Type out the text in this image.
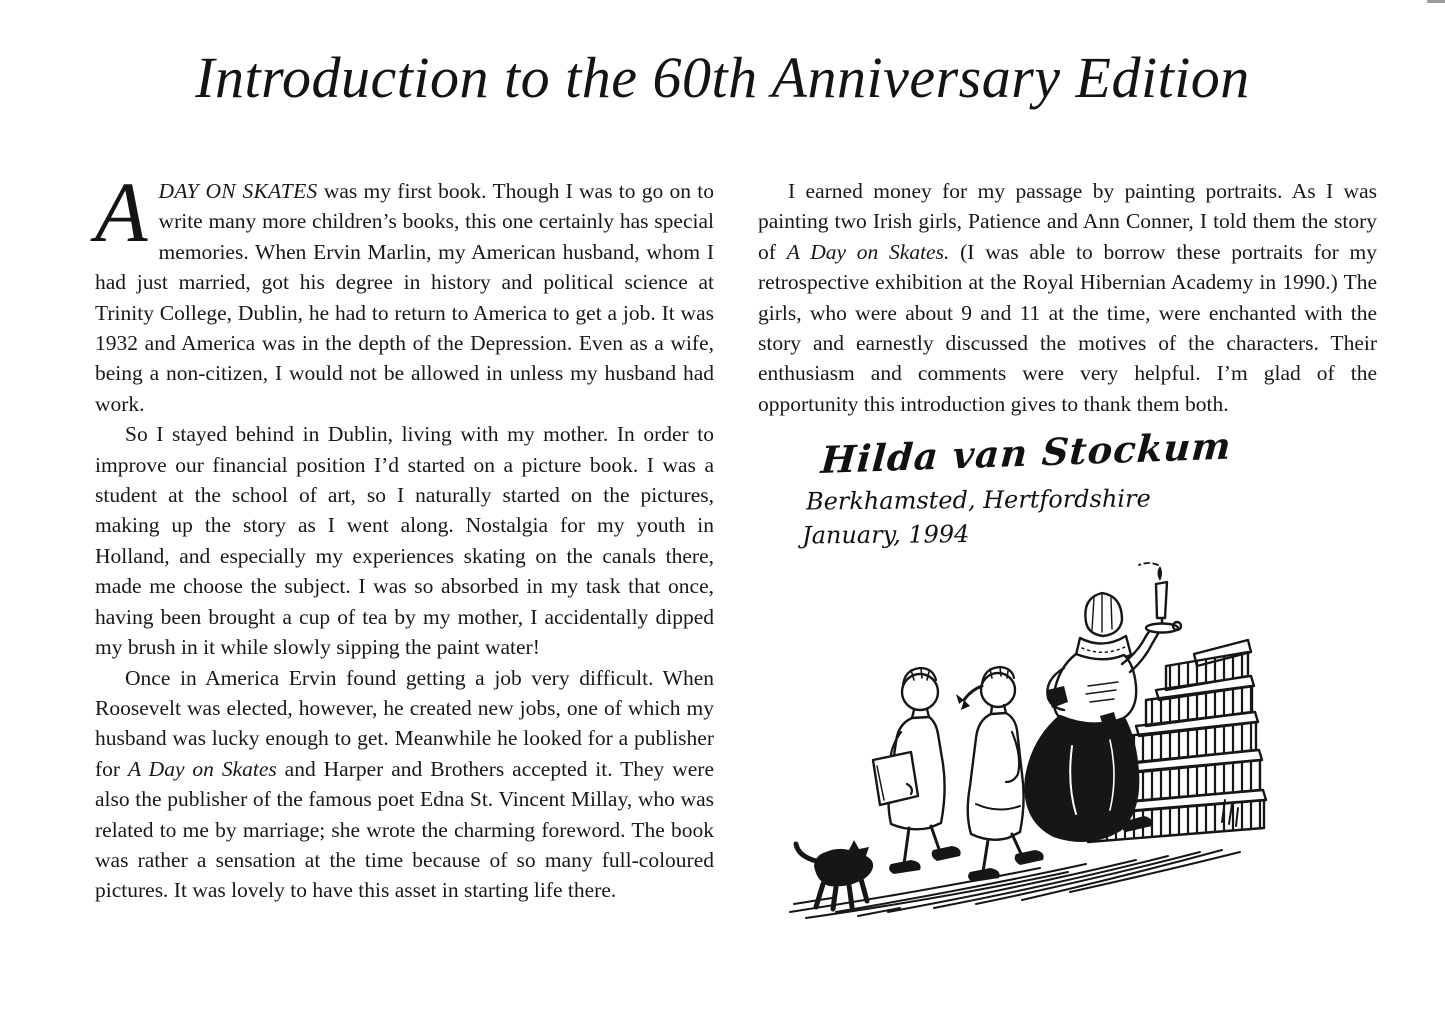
Introduction to the 60th Anniversary Edition

ADAY ON SKATES was my first book. Though I was to go on to write many more children’s books, this one certainly has special memories. When Ervin Marlin, my American husband, whom I had just married, got his degree in history and political science at Trinity College, Dublin, he had to return to America to get a job. It was 1932 and America was in the depth of the Depression. Even as a wife, being a non-citizen, I would not be allowed in unless my husband had work.

So I stayed behind in Dublin, living with my mother. In order to improve our financial position I’d started on a picture book. I was a student at the school of art, so I naturally started on the pictures, making up the story as I went along. Nostalgia for my youth in Holland, and especially my experiences skating on the canals there, made me choose the subject. I was so absorbed in my task that once, having been brought a cup of tea by my mother, I accidentally dipped my brush in it while slowly sipping the paint water!

Once in America Ervin found getting a job very difficult. When Roosevelt was elected, however, he created new jobs, one of which my husband was lucky enough to get. Meanwhile he looked for a publisher for A Day on Skates and Harper and Brothers accepted it. They were also the publisher of the famous poet Edna St. Vincent Millay, who was related to me by marriage; she wrote the charming foreword. The book was rather a sensation at the time because of so many full-coloured pictures. It was lovely to have this asset in starting life there.

I earned money for my passage by painting portraits. As I was painting two Irish girls, Patience and Ann Conner, I told them the story of A Day on Skates. (I was able to borrow these portraits for my retrospective exhibition at the Royal Hibernian Academy in 1990.) The girls, who were about 9 and 11 at the time, were enchanted with the story and earnestly discussed the motives of the characters. Their enthusiasm and comments were very helpful. I’m glad of the opportunity this introduction gives to thank them both.

Hilda van Stockum
Berkhamsted, Hertfordshire
January, 1994
